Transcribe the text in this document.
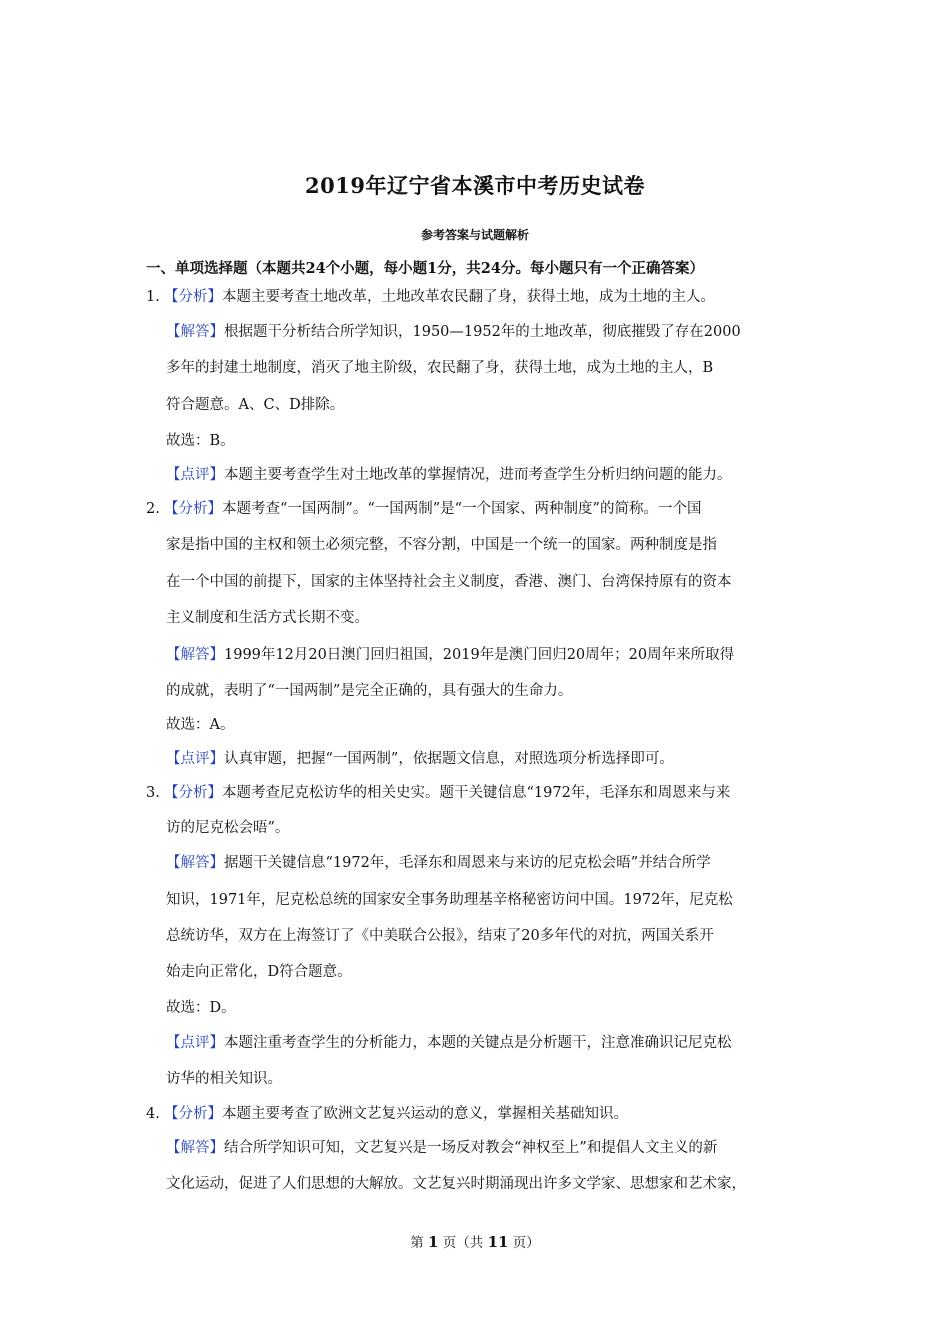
2019年辽宁省本溪市中考历史试卷
参考答案与试题解析
一、单项选择题（本题共24个小题，每小题1分，共24分。每小题只有一个正确答案）
1. 【分析】本题主要考查土地改革，土地改革农民翻了身，获得土地，成为土地的主人。
【解答】根据题干分析结合所学知识，1950—1952年的土地改革，彻底摧毁了存在2000
多年的封建土地制度，消灭了地主阶级，农民翻了身，获得土地，成为土地的主人，B
符合题意。A、C、D排除。
故选：B。
【点评】本题主要考查学生对土地改革的掌握情况，进而考查学生分析归纳问题的能力。
2. 【分析】本题考查“一国两制”。“一国两制”是“一个国家、两种制度”的简称。一个国
家是指中国的主权和领土必须完整，不容分割，中国是一个统一的国家。两种制度是指
在一个中国的前提下，国家的主体坚持社会主义制度，香港、澳门、台湾保持原有的资本
主义制度和生活方式长期不变。
【解答】1999年12月20日澳门回归祖国，2019年是澳门回归20周年；20周年来所取得
的成就，表明了“一国两制”是完全正确的，具有强大的生命力。
故选：A。
【点评】认真审题，把握“一国两制”，依据题文信息，对照选项分析选择即可。
3. 【分析】本题考查尼克松访华的相关史实。题干关键信息“1972年，毛泽东和周恩来与来
访的尼克松会晤”。
【解答】据题干关键信息“1972年，毛泽东和周恩来与来访的尼克松会晤”并结合所学
知识，1971年，尼克松总统的国家安全事务助理基辛格秘密访问中国。1972年，尼克松
总统访华，双方在上海签订了《中美联合公报》，结束了20多年代的对抗，两国关系开
始走向正常化，D符合题意。
故选：D。
【点评】本题注重考查学生的分析能力，本题的关键点是分析题干，注意准确识记尼克松
访华的相关知识。
4. 【分析】本题主要考查了欧洲文艺复兴运动的意义，掌握相关基础知识。
【解答】结合所学知识可知，文艺复兴是一场反对教会“神权至上”和提倡人文主义的新
文化运动，促进了人们思想的大解放。文艺复兴时期涌现出许多文学家、思想家和艺术家，
第 1 页（共 11 页）
